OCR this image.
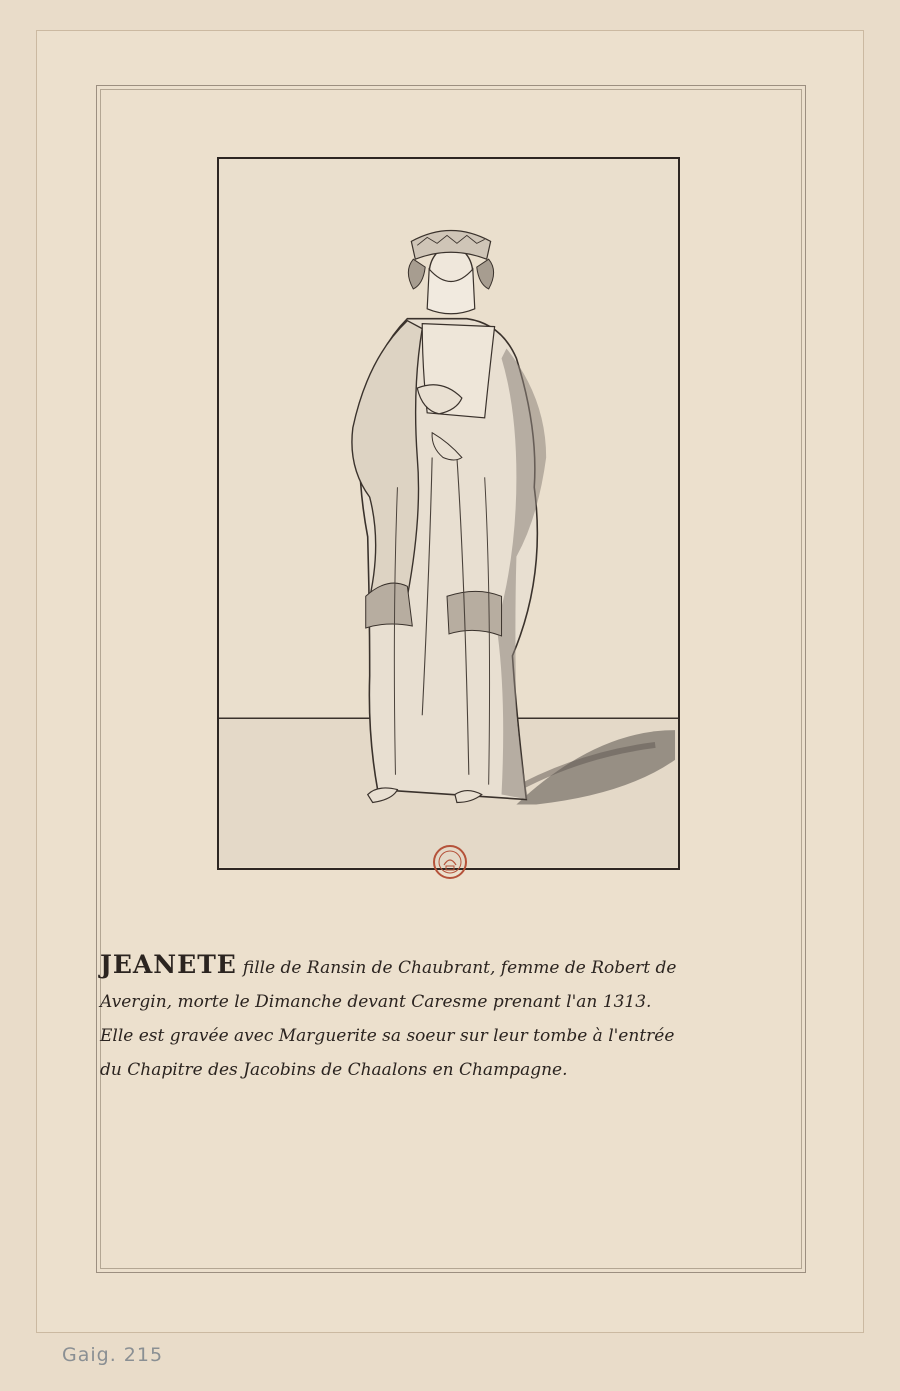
JEANETE fille de Ransin de Chaubrant, femme de Robert de
Avergin, morte le Dimanche devant Caresme prenant l'an 1313.
Elle est gravée avec Marguerite sa soeur sur leur tombe à l'entrée
du Chapitre des Jacobins de Chaalons en Champagne.
Gaig. 215
